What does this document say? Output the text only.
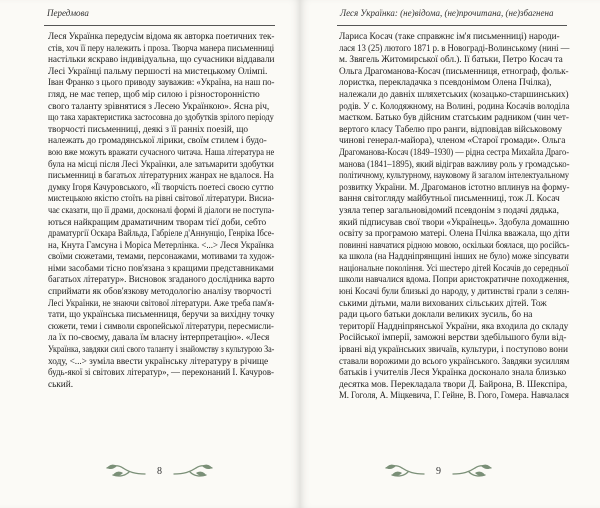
Передмова
Леся Українка передусім відома як авторка поетичних тек-
стів, хоч її перу належить і проза. Творча манера письменниці
настільки яскраво індивідуальна, що сучасники віддавали
Лесі Українці пальму першості на мистецькому Олімпі.
Іван Франко з цього приводу зауважив: «Україна, на наш по-
гляд, не має тепер, щоб мір силою і різносторонністю
свого таланту зрівнятися з Лесею Українкою». Ясна річ,
що така характеристика застосовна до здобутків зрілого періоду
творчості письменниці, деякі з її ранніх поезій, що
належать до громадянської лірики, своїм стилем і будо-
вою вже можуть вражати сучасного читача. Наша література не
була на місці після Лесі Українки, але затьмарити здобутки
письменниці в багатьох літературних жанрах не вдалося. На
думку Ігоря Качуровського, «Її творчість поетесі своєю суттю
мистецькою якістю стоїть на рівні світової літератури. Висиа-
чає сказати, що її драми, досконалі формі й діалоги не поступа-
ються найкращим драматичним творам тієї доби, себто
драматургії Оскара Вайльда, Габріеле д'Аннунціо, Генріка Ібсе-
на, Кнута Гамсуна і Моріса Метерлінка. <...> Леся Українка
своїми сюжетами, темами, персонажами, мотивами та худож-
німи засобами тісно пов'язана з кращими представниками
багатьох літератур». Висновок згаданого дослідника варто
сприймати як обов'язкову методологію аналізу творчості
Лесі Українки, не знаючи світової літератури. Аже треба пам'я-
тати, що українська письменниця, беручи за вихідну точку
сюжети, теми і символи європейської літератури, пересмисли-
ла їх по-своєму, давала їм власну інтерпретацію». «Леся
Українка, завдяки силі свого таланту і знайомству з культурою За-
ходу, <...> зуміла ввести українську літературу в річище
будь-якої зі світових літератур», — переконаний І. Качуров-
ський.
8
Леся Українка: (не)відома, (не)прочитана, (не)збагнена
Лариса Косач (таке справжнє ім'я письменниці) народи-
лася 13 (25) лютого 1871 р. в Новограді-Волинському (нині —
м. Звягель Житомирської обл.). Її батьки, Петро Косач та
Ольга Драгоманова-Косач (письменниця, етнограф, фольк-
лористка, перекладачка з псевдонімом Олена Пчілка),
належали до давніх шляхетських (козацько-старшинських)
родів. У с. Колодяжному, на Волині, родина Косачів володіла
маєтком. Батько був дійсним статським радником (чин чет-
вертого класу Табелю про ранги, відповідав військовому
чинові генерал-майора), членом «Старої громади». Ольга
Драгоманова-Косач (1849–1930) — рідна сестра Михайла Драго-
манова (1841–1895), який відіграв важливу роль у громадсько-
політичному, культурному, науковому й загалом інтелектуальному
розвитку України. М. Драгоманов істотно вплинув на форму-
вання світогляду майбутньої письменниці, тож Л. Косач
узяла тепер загальновідомий псевдонім з подачі дядька,
який підписував свої твори «Українець». Здобула домашню
освіту за програмою матері. Олена Пчілка вважала, що діти
повинні навчатися рідною мовою, оскільки боялася, що російсь-
ка школа (на Наддніпрянщині інших не було) може зіпсувати
національне покоління. Усі шестеро дітей Косачів до середньої
школи навчалися вдома. Попри аристократичне походження,
юні Косачі були близькі до народу, у дитинстві грали з селян-
ськими дітьми, мали вихованих сільських дітей. Тож
ради цього батьки доклали великих зусиль, бо на
території Наддніпрянської України, яка входила до складу
Російської імперії, заможні верстви здебільшого були від-
ірвані від українських звичаїв, культури, і поступово вони
ставали ворожими до всього українського. Завдяки зусиллям
батьків і учителів Леся Українка досконало знала близько
десятка мов. Перекладала твори Д. Байрона, В. Шекспіра,
М. Гоголя, А. Міцкевича, Г. Гейне, В. Гюго, Гомера. Навчалася
9
